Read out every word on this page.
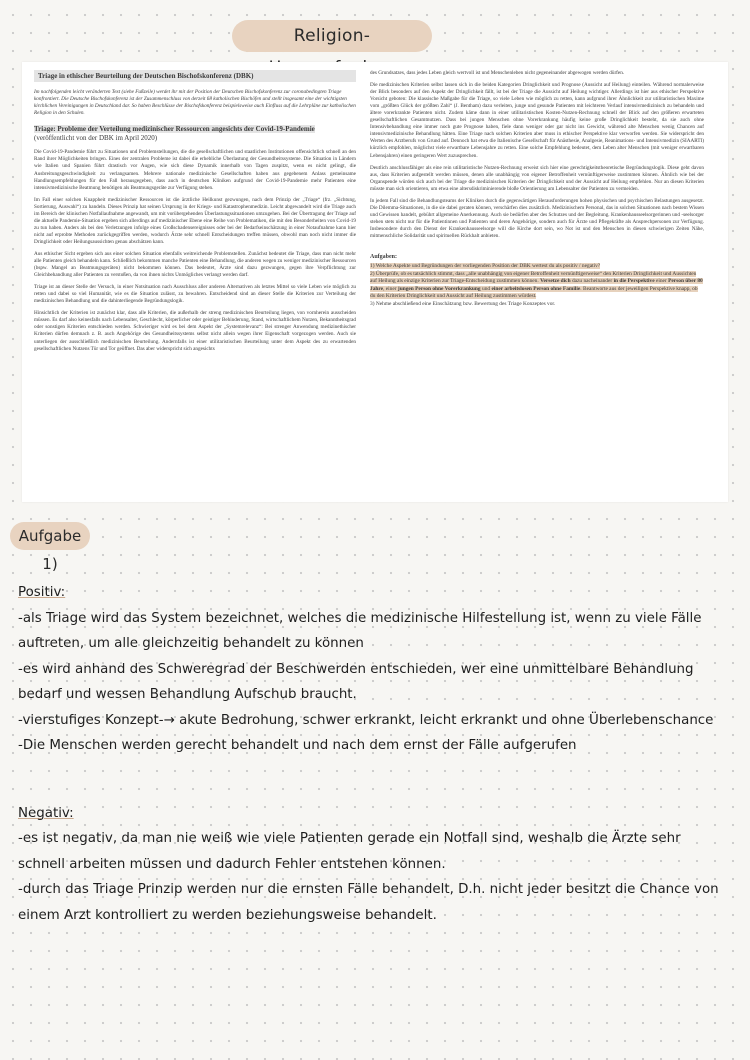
Religion-
Triage in ethischer Beurteilung der Deutschen Bischofskonferenz (DBK)

Im nachfolgenden leicht veränderten Text (siehe Fußzeile) werdet ihr mit der Position der Deutschen Bischofskonferenz zur coronabedingten Triage konfrontiert. Die Deutsche Bischofskonferenz ist der Zusammenschluss von derzeit 68 katholischen Bischöfen und stellt insgesamt eine der wichtigsten kirchlichen Vereinigungen in Deutschland dar. So haben Beschlüsse der Bischofskonferenz beispielsweise auch Einfluss auf die Lehrpläne zur katholischen Religion in den Schulen.

Triage: Probleme der Verteilung medizinischer Ressourcen angesichts der Covid-19-Pandemie (veröffentlicht von der DBK im April 2020)

Die Covid-19-Pandemie führt zu Situationen und Problemstellungen, die die gesellschaftlichen und staatlichen Institutionen offensichtlich schnell an den Rand ihrer Möglichkeiten bringen. Eines der zentralen Probleme ist dabei die erhebliche Überlastung der Gesundheitssysteme. Die Situation in Ländern wie Italien und Spanien führt drastisch vor Augen, wie sich diese Dynamik innerhalb von Tagen zuspitzt, wenn es nicht gelingt, die Ausbreitungsgeschwindigkeit zu verlangsamen. Mehrere nationale medizinische Gesellschaften haben aus gegebenem Anlass gemeinsame Handlungsempfehlungen für den Fall herausgegeben, dass auch in deutschen Kliniken aufgrund der Covid-19-Pandemie mehr Patienten eine intensivmedizinische Beatmung benötigen als Beatmungsgeräte zur Verfügung stehen.

Im Fall einer solchen Knappheit medizinischer Ressourcen ist die ärztliche Heilkunst gezwungen, nach dem Prinzip der „Triage“ (frz. „Sichtung, Sortierung, Auswahl“) zu handeln. Dieses Prinzip hat seinen Ursprung in der Kriegs- und Katastrophenmedizin. Leicht abgewandelt wird die Triage auch im Bereich der klinischen Notfallaufnahme angewandt, um mit vorübergehenden Überlastungssituationen umzugehen. Bei der Übertragung der Triage auf die aktuelle Pandemie-Situation ergeben sich allerdings auf medizinischer Ebene eine Reihe von Problematiken, die mit den Besonderheiten von Covid-19 zu tun haben. Anders als bei den Verletzungen infolge eines Großschadensereignisses oder bei der Bedarfseinschätzung in einer Notaufnahme kann hier nicht auf erprobte Methoden zurückgegriffen werden, wodurch Ärzte sehr schnell Entscheidungen treffen müssen, obwohl man noch nicht immer die Dringlichkeit oder Heilungsaussichten genau abschätzen kann.

Aus ethischer Sicht ergeben sich aus einer solchen Situation ebenfalls weitreichende Problemstellen. Zunächst bedeutet die Triage, dass man nicht mehr alle Patienten gleich behandeln kann. Schließlich bekommen manche Patienten eine Behandlung, die anderen wegen zu weniger medizinischer Ressourcen (bspw. Mangel an Beatmungsgeräten) nicht bekommen können. Das bedeutet, Ärzte sind dazu gezwungen, gegen ihre Verpflichtung zur Gleichbehandlung aller Patienten zu verstoßen, da von ihnen nichts Unmögliches verlangt werden darf.

Triage ist an dieser Stelle der Versuch, in einer Notsituation nach Ausschluss aller anderen Alternativen als letztes Mittel so viele Leben wie möglich zu retten und dabei so viel Humanität, wie es die Situation zulässt, zu bewahren. Entscheidend sind an dieser Stelle die Kriterien zur Verteilung der medizinischen Behandlung und die dahinterliegende Begründungslogik.

Hinsichtlich der Kriterien ist zunächst klar, dass alle Kriterien, die außerhalb der streng medizinischen Beurteilung liegen, von vornherein ausscheiden müssen. Es darf also keinesfalls nach Lebensalter, Geschlecht, körperlicher oder geistiger Behinderung, Stand, wirtschaftlichem Nutzen, Bekanntheitsgrad oder sonstigen Kriterien entschieden werden. Schwieriger wird es bei dem Aspekt der „Systemrelevanz“: Bei strenger Anwendung medizinethischer Kriterien dürfen demnach z. B. auch Angehörige des Gesundheitssystems selbst nicht allein wegen ihrer Eigenschaft vorgezogen werden. Auch sie unterliegen der ausschließlich medizinischen Beurteilung. Andernfalls ist einer utilitaristischen Beurteilung unter dem Aspekt des zu erwartenden gesellschaftlichen Nutzens Tür und Tor geöffnet. Das aber widerspricht sich angesichts

des Grundsatzes, dass jedes Leben gleich wertvoll ist und Menschenleben nicht gegeneinander abgewogen werden dürfen.

Die medizinischen Kriterien selbst lassen sich in die beiden Kategorien Dringlichkeit und Prognose (Aussicht auf Heilung) einteilen. Während normalerweise der Blick besonders auf den Aspekt der Dringlichkeit fällt, ist bei der Triage die Aussicht auf Heilung wichtiger. Allerdings ist hier aus ethischer Perspektive Vorsicht geboten: Die klassische Maßgabe für die Triage, so viele Leben wie möglich zu retten, kann aufgrund ihrer Ähnlichkeit zur utilitaristischen Maxime vom „größten Glück der größten Zahl“ (J. Bentham) dazu verleiten, junge und gesunde Patienten mit leichteren Verlauf intensivmedizinisch zu behandeln und ältere vorerkrankte Patienten nicht. Zudem käme dann in einer utilitaristischen Kosten-Nutzen-Rechnung schnell der Blick auf den größeren erwarteten gesellschaftlichen Gesamtnutzen. Dass bei jungen Menschen ohne Vorerkrankung häufig keine große Dringlichkeit besteht, da sie auch ohne Intensivbehandlung eine immer noch gute Prognose haben, fiele dann weniger oder gar nicht ins Gewicht, während alte Menschen wenig Chancen auf intensivmedizinische Behandlung hätten. Eine Triage nach solchen Kriterien aber muss in ethischer Perspektive klar verworfen werden. Sie widerspricht den Werten des Arztberufs von Grund auf. Dennoch hat etwa die Italienische Gesellschaft für Anästhesie, Analgesie, Reanimations- und Intensivmedizin (SIAARTI) kürzlich empfohlen, möglichst viele erwartbare Lebensjahre zu retten. Eine solche Empfehlung bedeutet, dem Leben alter Menschen (mit weniger erwartbaren Lebensjahren) einen geringeren Wert zuzusprechen.

Deutlich anschlussfähiger als eine rein utilitaristische Nutzen-Rechnung erweist sich hier eine gerechtigkeitstheoretische Begründungslogik. Diese geht davon aus, dass Kriterien aufgestellt werden müssen, denen alle unabhängig von eigener Betroffenheit vernünftigerweise zustimmen können. Ähnlich wie bei der Organspende würden sich auch bei der Triage die medizinischen Kriterien der Dringlichkeit und der Aussicht auf Heilung empfehlen. Nur an diesen Kriterien müsste man sich orientieren, um etwa eine altersdiskriminierende bloße Orientierung am Lebensalter der Patienten zu vermeiden.

In jedem Fall sind die Behandlungsteams der Kliniken durch die gegenwärtigen Herausforderungen hohen physischen und psychischen Belastungen ausgesetzt. Die Dilemma-Situationen, in die sie dabei geraten können, verschärfen dies zusätzlich. Medizinischem Personal, das in solchen Situationen nach bestem Wissen und Gewissen handelt, gebührt allgemeine Anerkennung. Auch sie bedürfen aber des Schutzes und der Begleitung. Krankenhausseelsorgerinnen und -seelsorger stehen stets nicht nur für die Patientinnen und Patienten und deren Angehörige, sondern auch für Ärzte und Pflegekräfte als Ansprechpersonen zur Verfügung. Insbesondere durch den Dienst der Krankenhausseelsorge will die Kirche dort sein, wo Not ist und den Menschen in diesen schwierigen Zeiten Nähe, mitmenschliche Solidarität und spirituellen Rückhalt anbieten.

Aufgaben:

1) Welche Aspekte und Begründungen der vorliegenden Position der DBK wertest du als positiv / negativ?

2) Überprüfe, ob es tatsächlich stimmt, dass „alle unabhängig von eigener Betroffenheit vernünftigerweise“ den Kriterien Dringlichkeit und Aussichten auf Heilung als einzige Kriterien zur Triage-Entscheidung zustimmen können. Versetze dich dazu nacheinander in die Perspektive einer Person über 80 Jahre, einer jungen Person ohne Vorerkrankung und einer arbeitslosen Person ohne Familie. Beantworte aus der jeweiligen Perspektive knapp, ob du den Kriterien Dringlichkeit und Aussicht auf Heilung zustimmen würdest.

3) Nehme abschließend eine Einschätzung bzw. Bewertung des Triage Konzeptes vor.

Aufgabe 1)
Positiv:
-als Triage wird das System bezeichnet, welches die medizinische Hilfestellung ist, wenn zu viele Fälle
auftreten, um alle gleichzeitig behandelt zu können
-es wird anhand des Schweregrad der Beschwerden entschieden, wer eine unmittelbare Behandlung
bedarf und wessen Behandlung Aufschub braucht.
-vierstufiges Konzept-→ akute Bedrohung, schwer erkrankt, leicht erkrankt und ohne Überlebenschance
-Die Menschen werden gerecht behandelt und nach dem ernst der Fälle aufgerufen
Negativ:
-es ist negativ, da man nie weiß wie viele Patienten gerade ein Notfall sind, weshalb die Ärzte sehr
schnell arbeiten müssen und dadurch Fehler entstehen können.
-durch das Triage Prinzip werden nur die ernsten Fälle behandelt, D.h. nicht jeder besitzt die Chance von
einem Arzt kontrolliert zu werden beziehungsweise behandelt.
